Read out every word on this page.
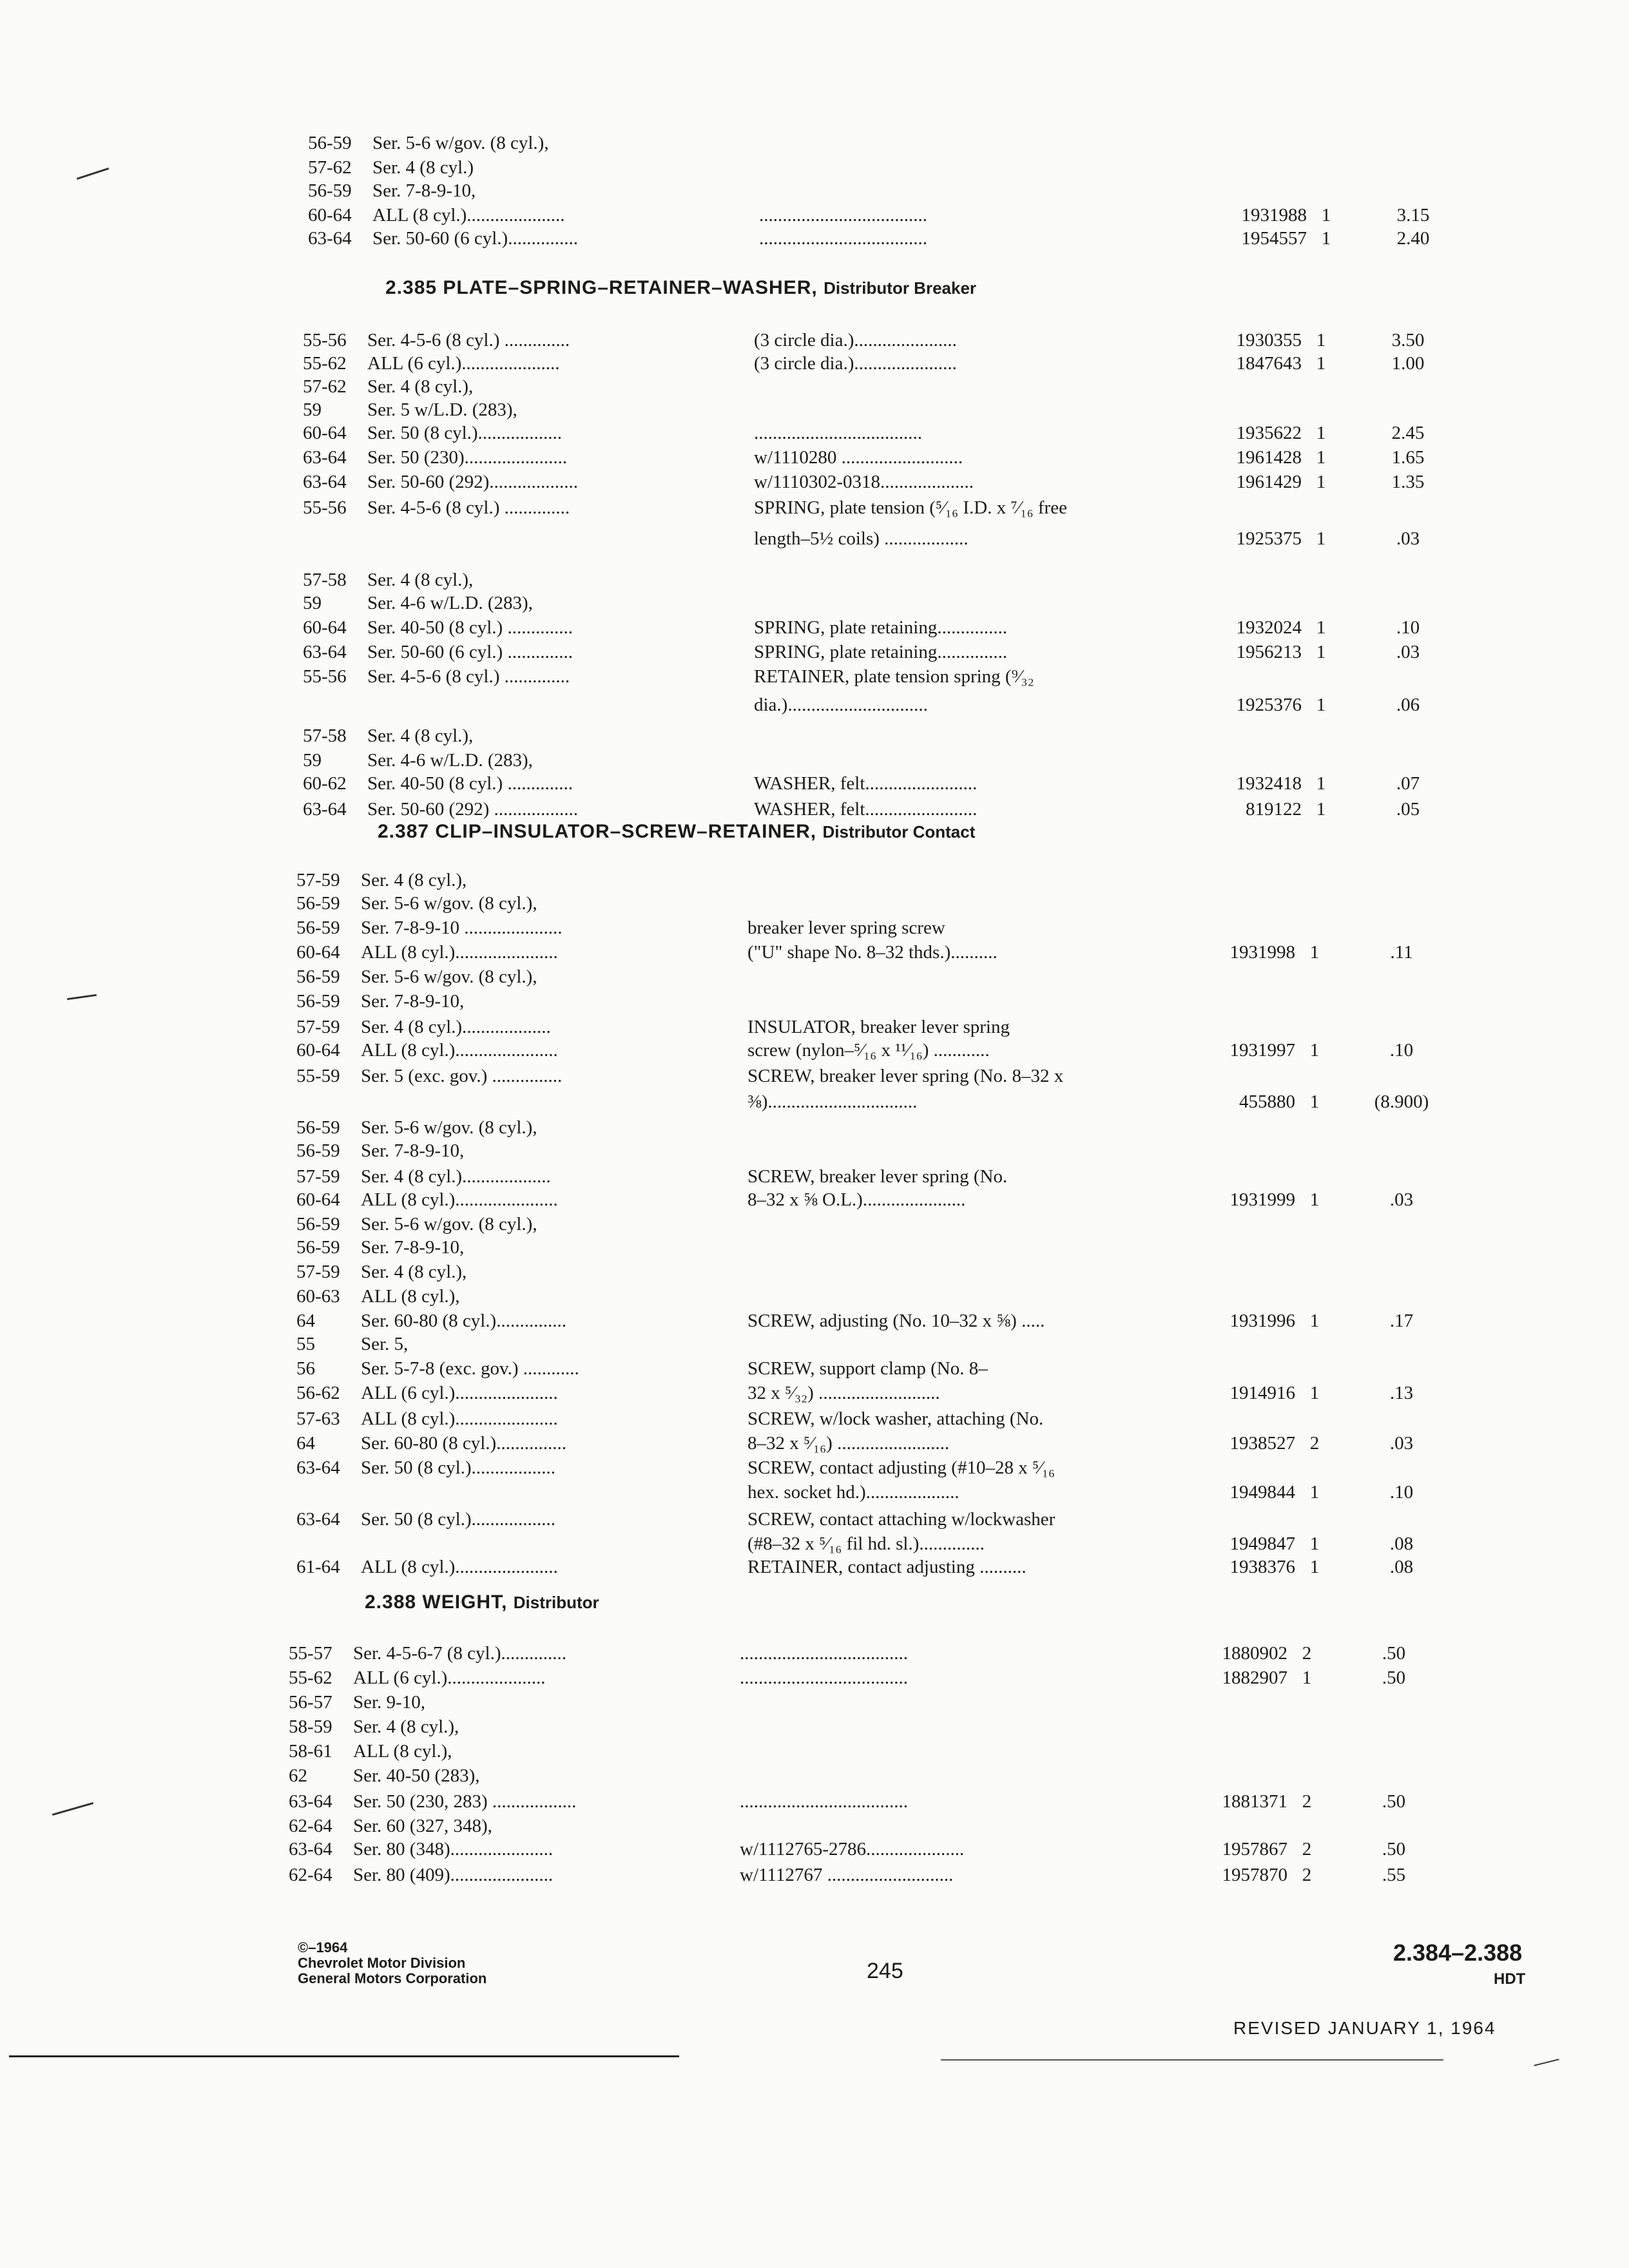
56-59	Ser. 5-6 w/gov. (8 cyl.),
57-62	Ser. 4 (8 cyl.)
56-59	Ser. 7-8-9-10,
60-64	ALL (8 cyl.).....................	....................................	1931988 1	3.15
63-64	Ser. 50-60 (6 cyl.)...............	....................................	1954557 1	2.40
2.385 PLATE–SPRING–RETAINER–WASHER, Distributor Breaker
55-56	Ser. 4-5-6 (8 cyl.) ..............	(3 circle dia.)......................	1930355 1	3.50
55-62	ALL (6 cyl.).....................	(3 circle dia.)......................	1847643 1	1.00
57-62	Ser. 4 (8 cyl.),
59	Ser. 5 w/L.D. (283),
60-64	Ser. 50 (8 cyl.)..................	....................................	1935622 1	2.45
63-64	Ser. 50 (230)......................	w/1110280 ..........................	1961428 1	1.65
63-64	Ser. 50-60 (292)...................	w/1110302-0318....................	1961429 1	1.35
55-56	Ser. 4-5-6 (8 cyl.) ..............	SPRING, plate tension (⁵⁄₁₆ I.D. x ⁷⁄₁₆ free
length–5½ coils) ..................	1925375 1	.03
57-58	Ser. 4 (8 cyl.),
59	Ser. 4-6 w/L.D. (283),
60-64	Ser. 40-50 (8 cyl.) ..............	SPRING, plate retaining...............	1932024 1	.10
63-64	Ser. 50-60 (6 cyl.) ..............	SPRING, plate retaining...............	1956213 1	.03
55-56	Ser. 4-5-6 (8 cyl.) ..............	RETAINER, plate tension spring (⁹⁄₃₂
dia.)..............................	1925376 1	.06
57-58	Ser. 4 (8 cyl.),
59	Ser. 4-6 w/L.D. (283),
60-62	Ser. 40-50 (8 cyl.) ..............	WASHER, felt........................	1932418 1	.07
63-64	Ser. 50-60 (292) ..................	WASHER, felt........................	819122 1	.05
2.387 CLIP–INSULATOR–SCREW–RETAINER, Distributor Contact
57-59	Ser. 4 (8 cyl.),
56-59	Ser. 5-6 w/gov. (8 cyl.),
56-59	Ser. 7-8-9-10 .....................	breaker lever spring screw
60-64	ALL (8 cyl.)......................	("U" shape No. 8–32 thds.)..........	1931998 1	.11
56-59	Ser. 5-6 w/gov. (8 cyl.),
56-59	Ser. 7-8-9-10,
57-59	Ser. 4 (8 cyl.)...................	INSULATOR, breaker lever spring
60-64	ALL (8 cyl.)......................	screw (nylon–⁵⁄₁₆ x ¹¹⁄₁₆) ............	1931997 1	.10
55-59	Ser. 5 (exc. gov.) ...............	SCREW, breaker lever spring (No. 8–32 x
⅜)................................	455880 1	(8.900)
56-59	Ser. 5-6 w/gov. (8 cyl.),
56-59	Ser. 7-8-9-10,
57-59	Ser. 4 (8 cyl.)...................	SCREW, breaker lever spring (No.
60-64	ALL (8 cyl.)......................	8–32 x ⅝ O.L.)......................	1931999 1	.03
56-59	Ser. 5-6 w/gov. (8 cyl.),
56-59	Ser. 7-8-9-10,
57-59	Ser. 4 (8 cyl.),
60-63	ALL (8 cyl.),
64	Ser. 60-80 (8 cyl.)...............	SCREW, adjusting (No. 10–32 x ⅝) .....	1931996 1	.17
55	Ser. 5,
56	Ser. 5-7-8 (exc. gov.) ............	SCREW, support clamp (No. 8–
56-62	ALL (6 cyl.)......................	32 x ⁵⁄₃₂) ..........................	1914916 1	.13
57-63	ALL (8 cyl.)......................	SCREW, w/lock washer, attaching (No.
64	Ser. 60-80 (8 cyl.)...............	8–32 x ⁵⁄₁₆) ........................	1938527 2	.03
63-64	Ser. 50 (8 cyl.)..................	SCREW, contact adjusting (#10–28 x ⁵⁄₁₆
hex. socket hd.)....................	1949844 1	.10
63-64	Ser. 50 (8 cyl.)..................	SCREW, contact attaching w/lockwasher
(#8–32 x ⁵⁄₁₆ fil hd. sl.)..............	1949847 1	.08
61-64	ALL (8 cyl.)......................	RETAINER, contact adjusting ..........	1938376 1	.08
2.388 WEIGHT, Distributor
55-57	Ser. 4-5-6-7 (8 cyl.)..............	....................................	1880902 2	.50
55-62	ALL (6 cyl.).....................	....................................	1882907 1	.50
56-57	Ser. 9-10,
58-59	Ser. 4 (8 cyl.),
58-61	ALL (8 cyl.),
62	Ser. 40-50 (283),
63-64	Ser. 50 (230, 283) ..................	....................................	1881371 2	.50
62-64	Ser. 60 (327, 348),
63-64	Ser. 80 (348)......................	w/1112765-2786.....................	1957867 2	.50
62-64	Ser. 80 (409)......................	w/1112767 ...........................	1957870 2	.55
©–1964
Chevrolet Motor Division
General Motors Corporation	245
2.384–2.388
HDT
REVISED JANUARY 1, 1964
